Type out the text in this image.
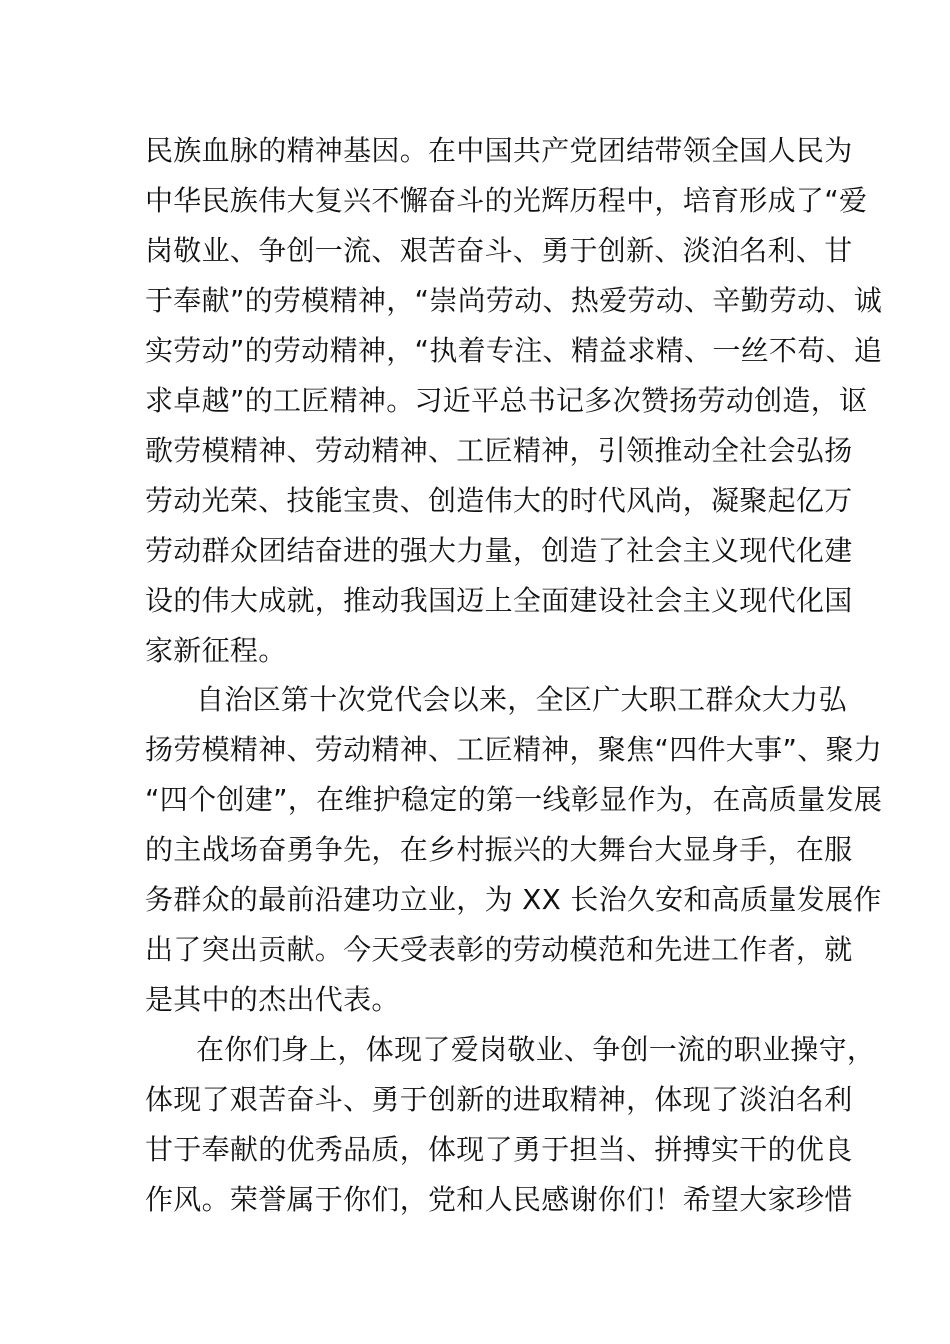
民族血脉的精神基因。在中国共产党团结带领全国人民为
中华民族伟大复兴不懈奋斗的光辉历程中，培育形成了“爱
岗敬业、争创一流、艰苦奋斗、勇于创新、淡泊名利、甘
于奉献”的劳模精神，“崇尚劳动、热爱劳动、辛勤劳动、诚
实劳动”的劳动精神，“执着专注、精益求精、一丝不苟、追
求卓越”的工匠精神。习近平总书记多次赞扬劳动创造，讴
歌劳模精神、劳动精神、工匠精神，引领推动全社会弘扬
劳动光荣、技能宝贵、创造伟大的时代风尚，凝聚起亿万
劳动群众团结奋进的强大力量，创造了社会主义现代化建
设的伟大成就，推动我国迈上全面建设社会主义现代化国
家新征程。
自治区第十次党代会以来，全区广大职工群众大力弘
扬劳模精神、劳动精神、工匠精神，聚焦“四件大事”、聚力
“四个创建”，在维护稳定的第一线彰显作为，在高质量发展
的主战场奋勇争先，在乡村振兴的大舞台大显身手，在服
务群众的最前沿建功立业，为 XX 长治久安和高质量发展作
出了突出贡献。今天受表彰的劳动模范和先进工作者，就
是其中的杰出代表。
在你们身上，体现了爱岗敬业、争创一流的职业操守，
体现了艰苦奋斗、勇于创新的进取精神，体现了淡泊名利
甘于奉献的优秀品质，体现了勇于担当、拼搏实干的优良
作风。荣誉属于你们，党和人民感谢你们！希望大家珍惜
